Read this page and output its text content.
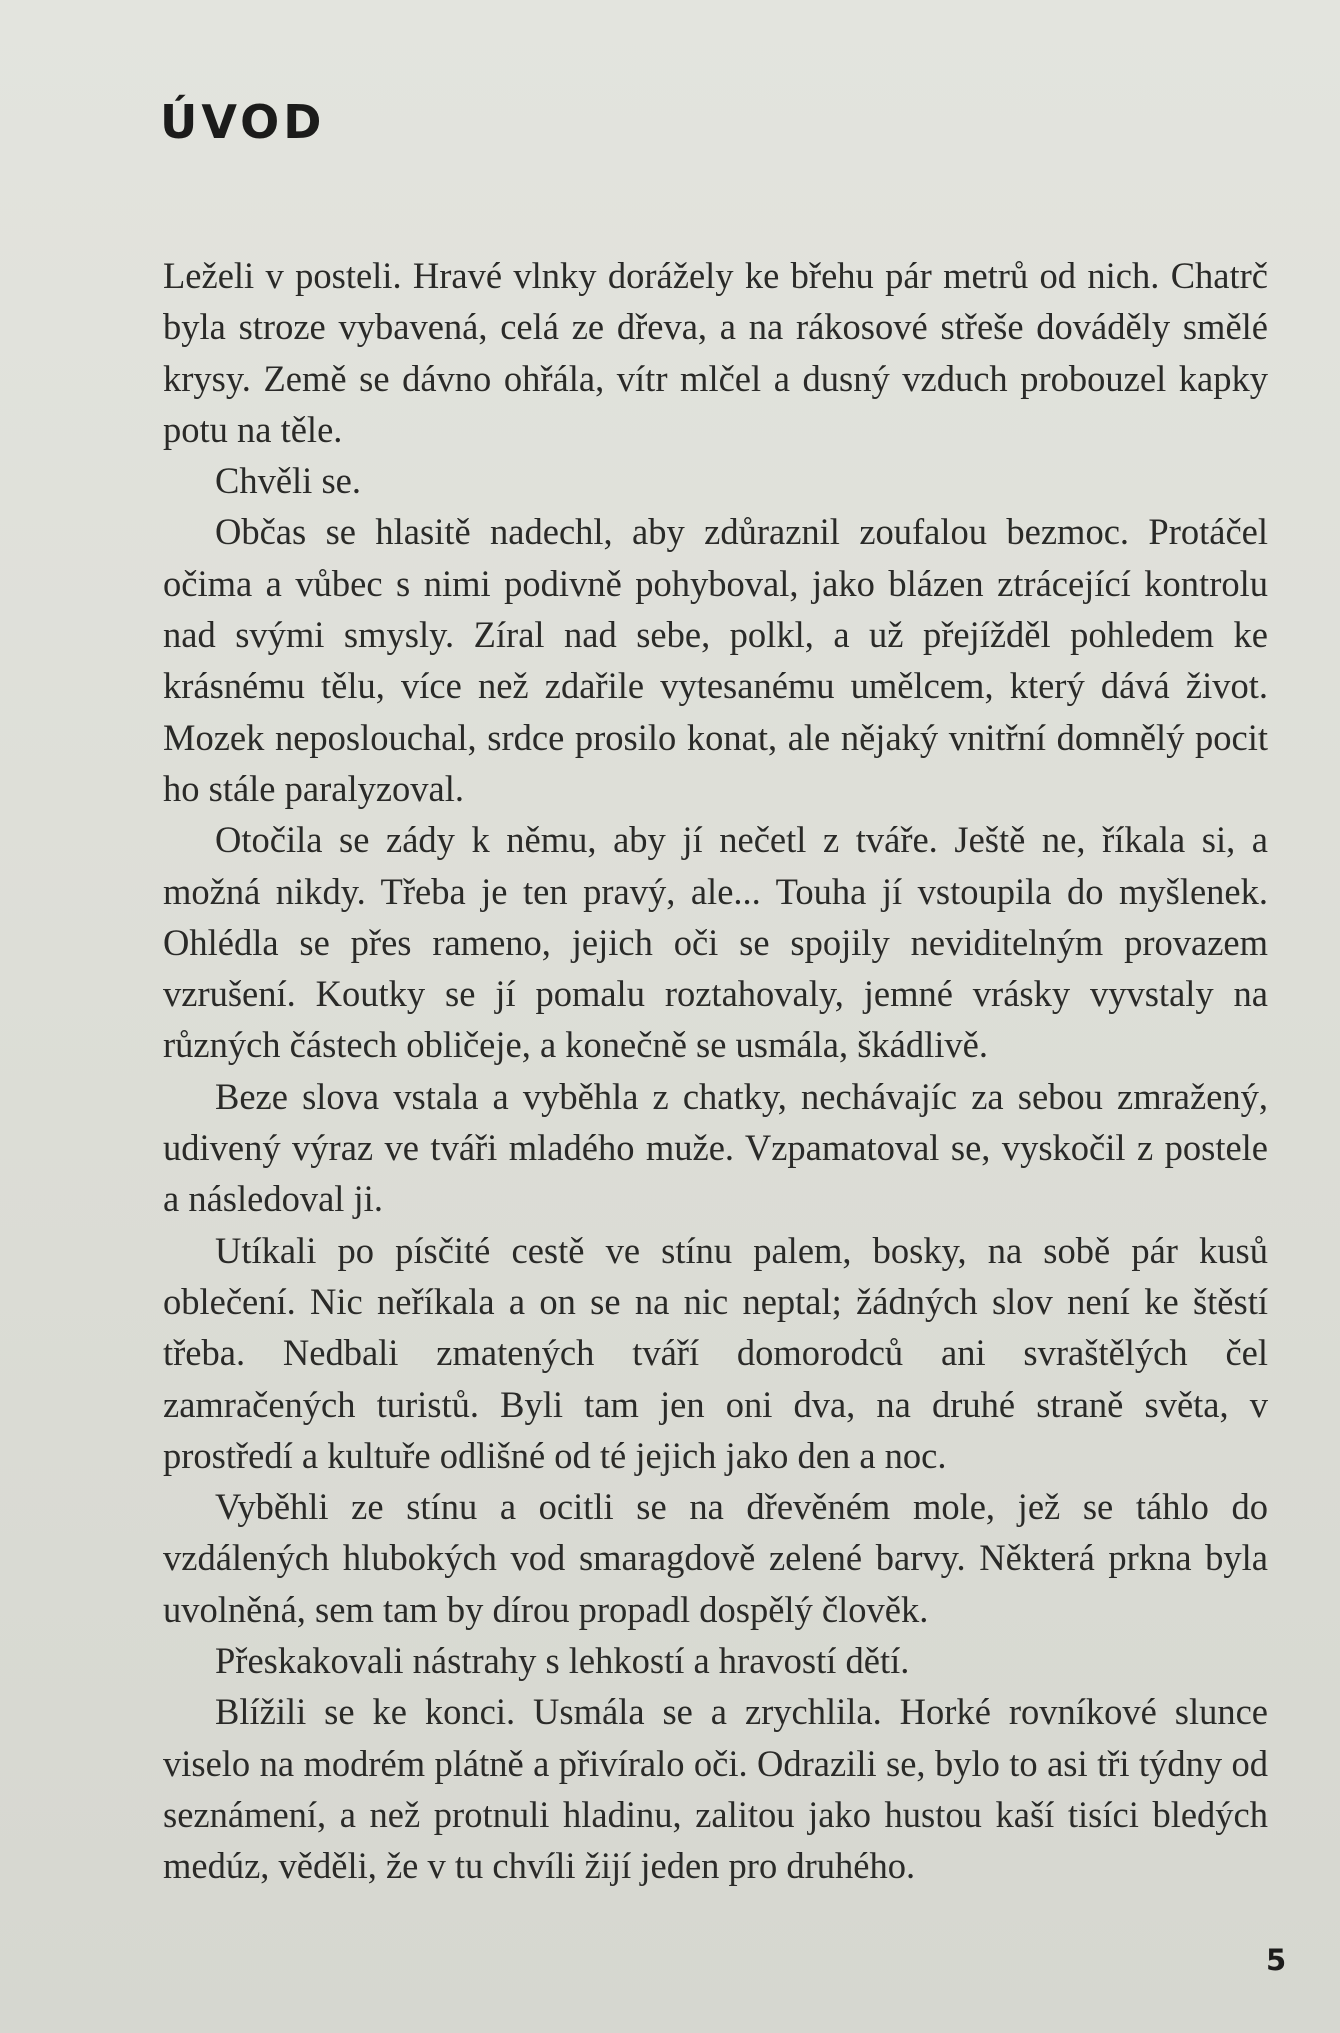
ÚVOD

Leželi v posteli. Hravé vlnky dorážely ke břehu pár metrů od nich. Chatrč byla stroze vybavená, celá ze dřeva, a na rákosové střeše dováděly smělé krysy. Země se dávno ohřála, vítr mlčel a dusný vzduch probouzel kapky potu na těle.

Chvěli se.

Občas se hlasitě nadechl, aby zdůraznil zoufalou bezmoc. Protáčel očima a vůbec s nimi podivně pohyboval, jako blázen ztrácející kontrolu nad svými smysly. Zíral nad sebe, polkl, a už přejížděl pohledem ke krásnému tělu, více než zdařile vytesanému umělcem, který dává život. Mozek neposlouchal, srdce prosilo konat, ale nějaký vnitřní domnělý pocit ho stále paralyzoval.

Otočila se zády k němu, aby jí nečetl z tváře. Ještě ne, říkala si, a možná nikdy. Třeba je ten pravý, ale... Touha jí vstoupila do myšlenek. Ohlédla se přes rameno, jejich oči se spojily neviditelným provazem vzrušení. Koutky se jí pomalu roztahovaly, jemné vrásky vyvstaly na různých částech obličeje, a konečně se usmála, škádlivě.

Beze slova vstala a vyběhla z chatky, nechávajíc za sebou zmražený, udivený výraz ve tváři mladého muže. Vzpamatoval se, vyskočil z postele a následoval ji.

Utíkali po písčité cestě ve stínu palem, bosky, na sobě pár kusů oblečení. Nic neříkala a on se na nic neptal; žádných slov není ke štěstí třeba. Nedbali zmatených tváří domorodců ani svraštělých čel zamračených turistů. Byli tam jen oni dva, na druhé straně světa, v prostředí a kultuře odlišné od té jejich jako den a noc.

Vyběhli ze stínu a ocitli se na dřevěném mole, jež se táhlo do vzdálených hlubokých vod smaragdově zelené barvy. Některá prkna byla uvolněná, sem tam by dírou propadl dospělý člověk.

Přeskakovali nástrahy s lehkostí a hravostí dětí.

Blížili se ke konci. Usmála se a zrychlila. Horké rovníkové slunce viselo na modrém plátně a přivíralo oči. Odrazili se, bylo to asi tři týdny od seznámení, a než protnuli hladinu, zalitou jako hustou kaší tisíci bledých medúz, věděli, že v tu chvíli žijí jeden pro druhého.

5
